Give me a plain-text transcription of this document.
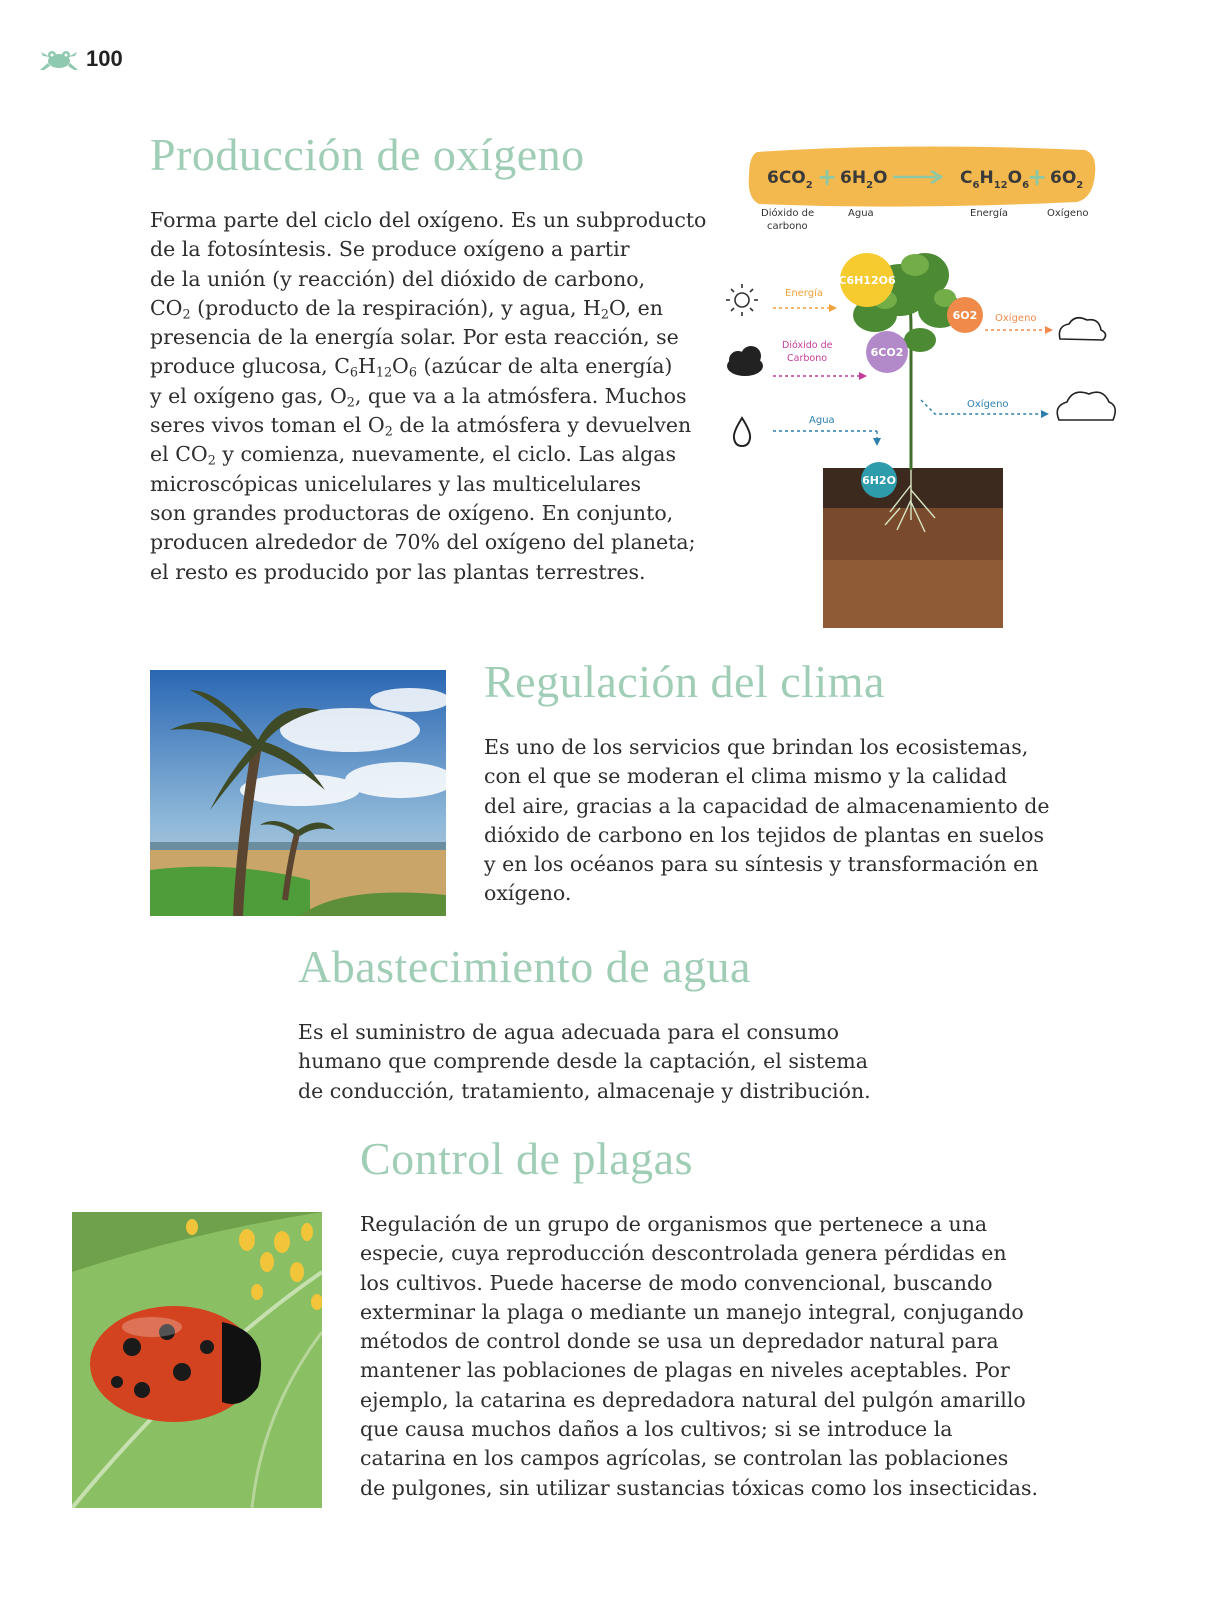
100
Producción de oxígeno
Forma parte del ciclo del oxígeno. Es un subproducto
de la fotosíntesis. Se produce oxígeno a partir
de la unión (y reacción) del dióxido de carbono,
$CO_2$ (producto de la respiración), y agua, $H_2O$, en
presencia de la energía solar. Por esta reacción, se
produce glucosa, $C_6H_{12}O_6$ (azúcar de alta energía)
y el oxígeno gas, $O_2$, que va a la atmósfera. Muchos
seres vivos toman el $O_2$ de la atmósfera y devuelven
el $CO_2$ y comienza, nuevamente, el ciclo. Las algas
microscópicas unicelulares y las multicelulares
son grandes productoras de oxígeno. En conjunto,
producen alrededor de 70% del oxígeno del planeta;
el resto es producido por las plantas terrestres.
$6CO_2 + 6H_2O$	$C_6H_{12}O_6$
+ $6O_2$
Dióxido de
carbono
Agua	Energía	Oxígeno
C6H12O6
6O2
6CO2
6H2O
Energía
Dióxido de
Carbono
Agua
Oxígeno
Oxígeno
Regulación del clima
Es uno de los servicios que brindan los ecosistemas,
con el que se moderan el clima mismo y la calidad
del aire, gracias a la capacidad de almacenamiento de
dióxido de carbono en los tejidos de plantas en suelos
y en los océanos para su síntesis y transformación en
oxígeno.
Abastecimiento de agua
Es el suministro de agua adecuada para el consumo
humano que comprende desde la captación, el sistema
de conducción, tratamiento, almacenaje y distribución.
Control de plagas
Regulación de un grupo de organismos que pertenece a una
especie, cuya reproducción descontrolada genera pérdidas en
los cultivos. Puede hacerse de modo convencional, buscando
exterminar la plaga o mediante un manejo integral, conjugando
métodos de control donde se usa un depredador natural para
mantener las poblaciones de plagas en niveles aceptables. Por
ejemplo, la catarina es depredadora natural del pulgón amarillo
que causa muchos daños a los cultivos; si se introduce la
catarina en los campos agrícolas, se controlan las poblaciones
de pulgones, sin utilizar sustancias tóxicas como los insecticidas.
